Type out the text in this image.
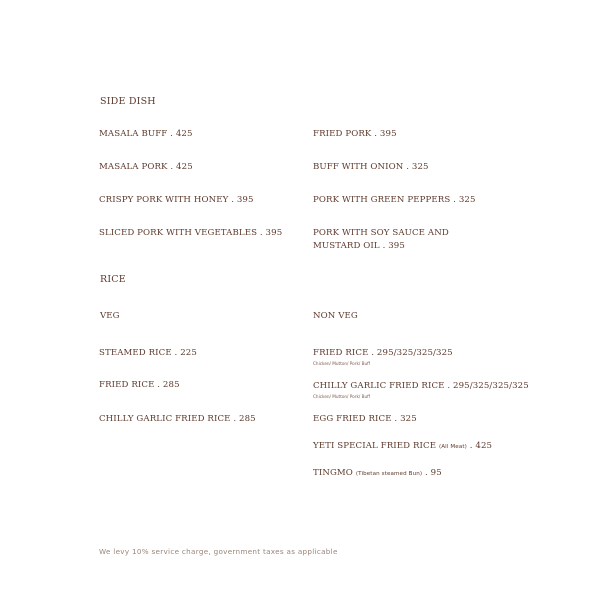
SIDE DISH
MASALA BUFF . 425	FRIED PORK . 395
MASALA PORK . 425	BUFF WITH ONION . 325
CRISPY PORK WITH HONEY . 395	PORK WITH GREEN PEPPERS . 325
SLICED PORK WITH VEGETABLES . 395	PORK WITH SOY SAUCE AND
MUSTARD OIL . 395
RICE
VEG	NON VEG
STEAMED RICE . 225
FRIED RICE . 285
CHILLY GARLIC FRIED RICE . 285
FRIED RICE . 295/325/325/325
Chicken/ Mutton/ Pork/ Buff
CHILLY GARLIC FRIED RICE . 295/325/325/325
Chicken/ Mutton/ Pork/ Buff
EGG FRIED RICE . 325
YETI SPECIAL FRIED RICE (All Meat) . 425
TINGMO (Tibetan steamed Bun) . 95
We levy 10% service charge, government taxes as applicable
